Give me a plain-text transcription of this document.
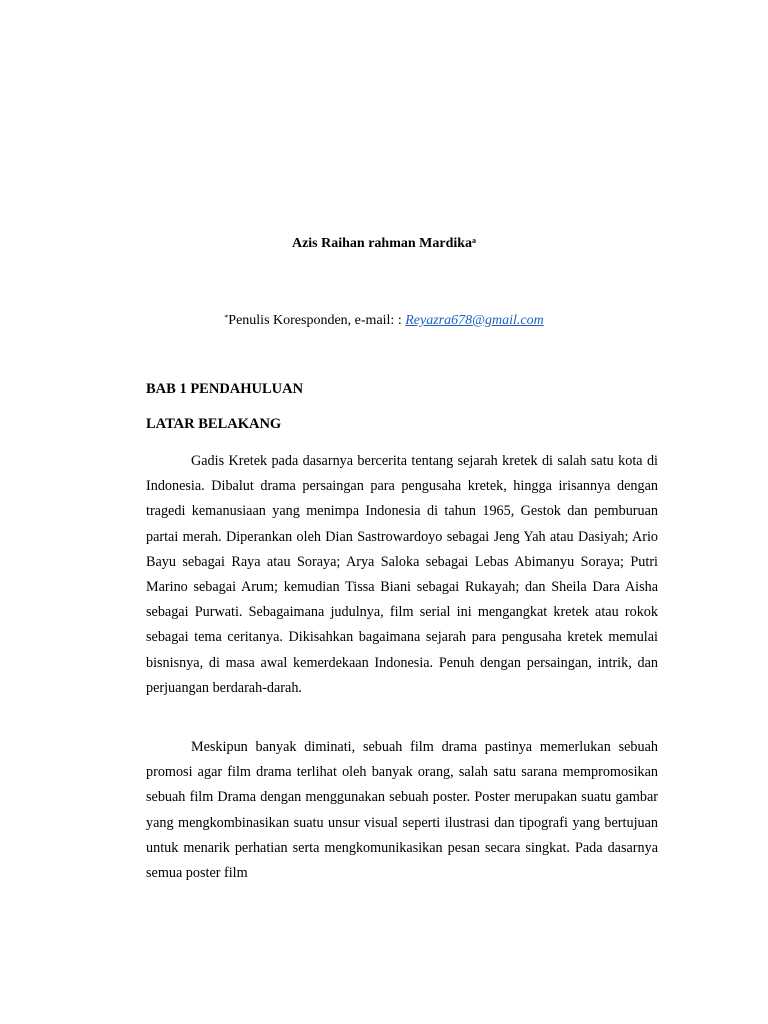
Azis Raihan rahman Mardika$^a$
*Penulis Koresponden, e-mail: : Reyazra678@gmail.com
BAB 1 PENDAHULUAN
LATAR BELAKANG

Gadis Kretek pada dasarnya bercerita tentang sejarah kretek di salah satu kota di Indonesia. Dibalut drama persaingan para pengusaha kretek, hingga irisannya dengan tragedi kemanusiaan yang menimpa Indonesia di tahun 1965, Gestok dan pemburuan partai merah. Diperankan oleh Dian Sastrowardoyo sebagai Jeng Yah atau Dasiyah; Ario Bayu sebagai Raya atau Soraya; Arya Saloka sebagai Lebas Abimanyu Soraya; Putri Marino sebagai Arum; kemudian Tissa Biani sebagai Rukayah; dan Sheila Dara Aisha sebagai Purwati. Sebagaimana judulnya, film serial ini mengangkat kretek atau rokok sebagai tema ceritanya. Dikisahkan bagaimana sejarah para pengusaha kretek memulai bisnisnya, di masa awal kemerdekaan Indonesia. Penuh dengan persaingan, intrik, dan perjuangan berdarah-darah.

Meskipun banyak diminati, sebuah film drama pastinya memerlukan sebuah promosi agar film drama terlihat oleh banyak orang, salah satu sarana mempromosikan sebuah film Drama dengan menggunakan sebuah poster. Poster merupakan suatu gambar yang mengkombinasikan suatu unsur visual seperti ilustrasi dan tipografi yang bertujuan untuk menarik perhatian serta mengkomunikasikan pesan secara singkat. Pada dasarnya semua poster film
